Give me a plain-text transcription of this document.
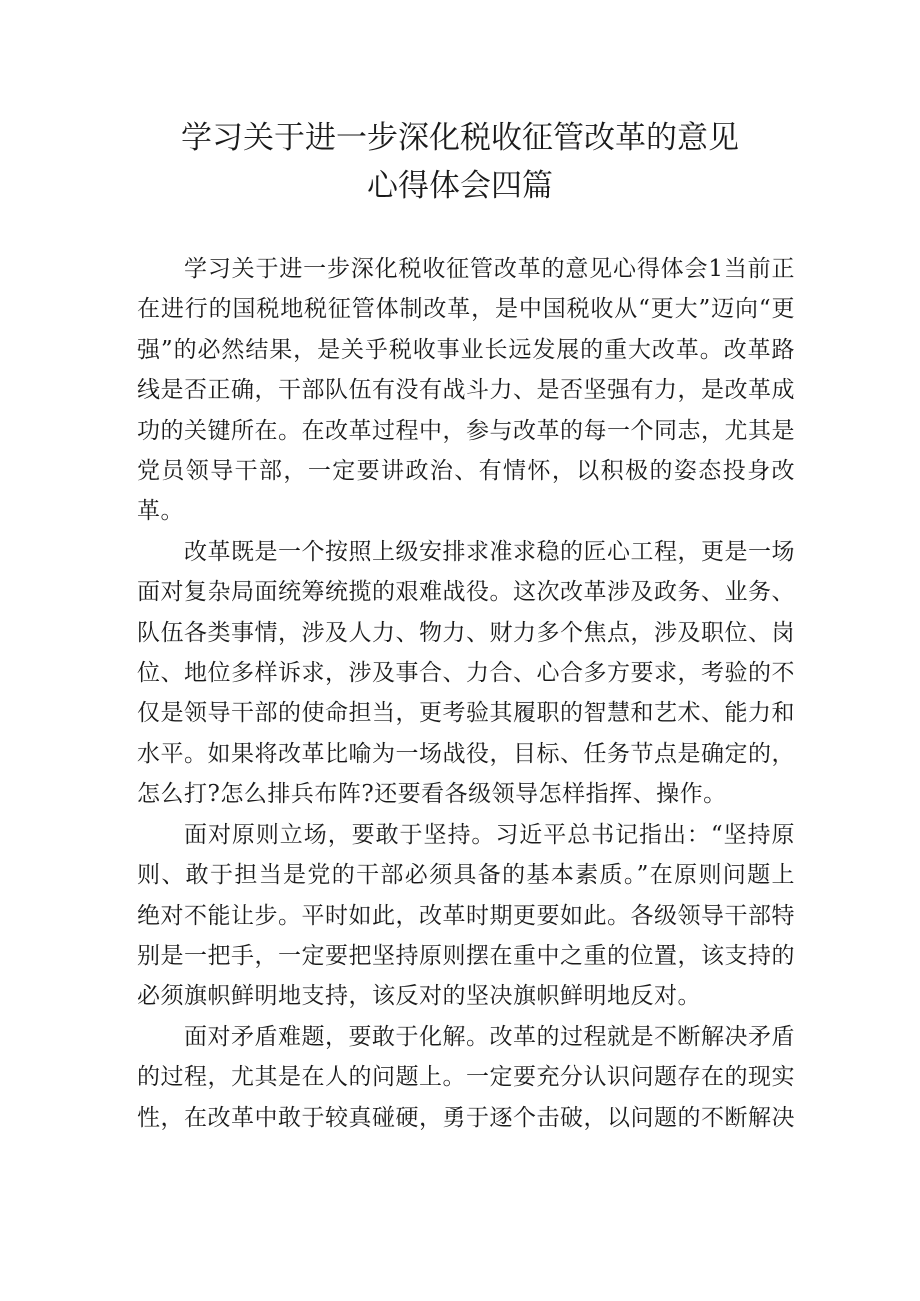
学习关于进一步深化税收征管改革的意见
心得体会四篇

学习关于进一步深化税收征管改革的意见心得体会1当前正在进行的国税地税征管体制改革，是中国税收从“更大”迈向“更强”的必然结果，是关乎税收事业长远发展的重大改革。改革路线是否正确，干部队伍有没有战斗力、是否坚强有力，是改革成功的关键所在。在改革过程中，参与改革的每一个同志，尤其是党员领导干部，一定要讲政治、有情怀，以积极的姿态投身改革。

改革既是一个按照上级安排求准求稳的匠心工程，更是一场面对复杂局面统筹统揽的艰难战役。这次改革涉及政务、业务、队伍各类事情，涉及人力、物力、财力多个焦点，涉及职位、岗位、地位多样诉求，涉及事合、力合、心合多方要求，考验的不仅是领导干部的使命担当，更考验其履职的智慧和艺术、能力和水平。如果将改革比喻为一场战役，目标、任务节点是确定的，怎么打?怎么排兵布阵?还要看各级领导怎样指挥、操作。

面对原则立场，要敢于坚持。习近平总书记指出：“坚持原则、敢于担当是党的干部必须具备的基本素质。”在原则问题上绝对不能让步。平时如此，改革时期更要如此。各级领导干部特别是一把手，一定要把坚持原则摆在重中之重的位置，该支持的必须旗帜鲜明地支持，该反对的坚决旗帜鲜明地反对。

面对矛盾难题，要敢于化解。改革的过程就是不断解决矛盾的过程，尤其是在人的问题上。一定要充分认识问题存在的现实性，在改革中敢于较真碰硬，勇于逐个击破，以问题的不断解决
